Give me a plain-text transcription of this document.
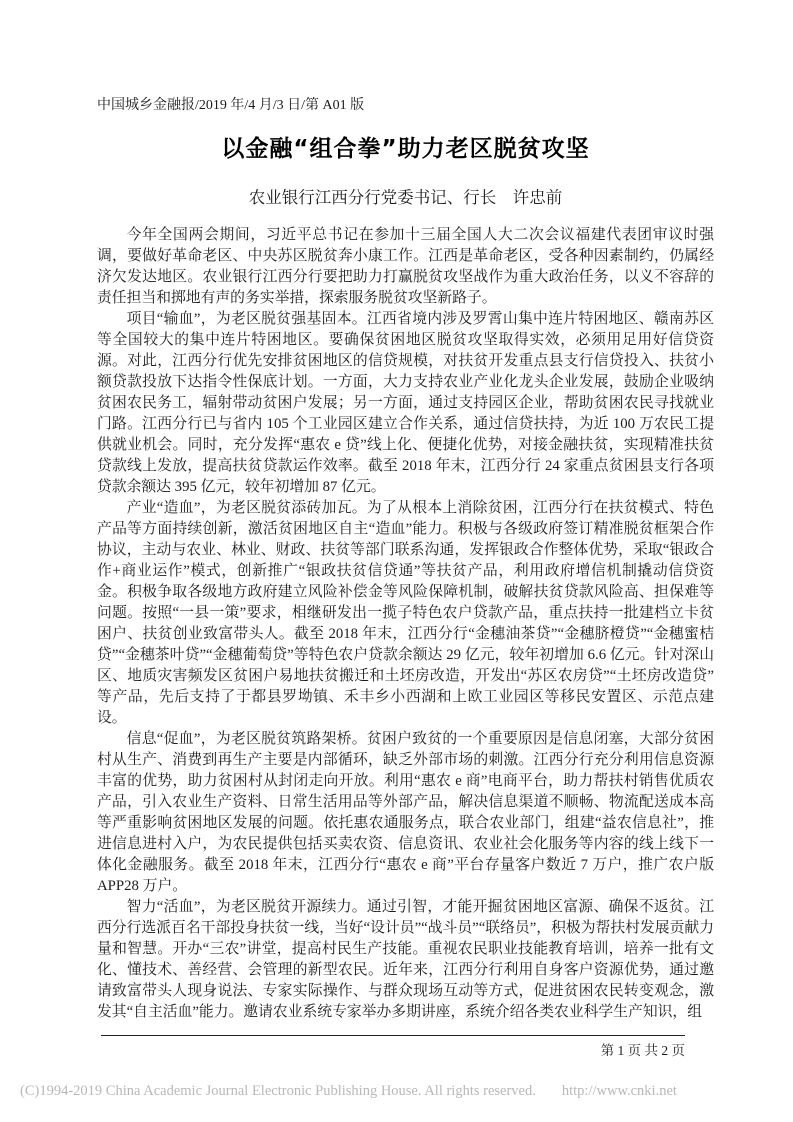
中国城乡金融报/2019 年/4 月/3 日/第 A01 版
以金融“组合拳”助力老区脱贫攻坚
农业银行江西分行党委书记、行长　许忠前

今年全国两会期间，习近平总书记在参加十三届全国人大二次会议福建代表团审议时强调，要做好革命老区、中央苏区脱贫奔小康工作。江西是革命老区，受各种因素制约，仍属经济欠发达地区。农业银行江西分行要把助力打赢脱贫攻坚战作为重大政治任务，以义不容辞的责任担当和掷地有声的务实举措，探索服务脱贫攻坚新路子。

项目“输血”，为老区脱贫强基固本。江西省境内涉及罗霄山集中连片特困地区、赣南苏区等全国较大的集中连片特困地区。要确保贫困地区脱贫攻坚取得实效，必须用足用好信贷资源。对此，江西分行优先安排贫困地区的信贷规模，对扶贫开发重点县支行信贷投入、扶贫小额贷款投放下达指令性保底计划。一方面，大力支持农业产业化龙头企业发展，鼓励企业吸纳贫困农民务工，辐射带动贫困户发展；另一方面，通过支持园区企业，帮助贫困农民寻找就业门路。江西分行已与省内 105 个工业园区建立合作关系，通过信贷扶持，为近 100 万农民工提供就业机会。同时，充分发挥“惠农 e 贷”线上化、便捷化优势，对接金融扶贫，实现精准扶贫贷款线上发放，提高扶贫贷款运作效率。截至 2018 年末，江西分行 24 家重点贫困县支行各项贷款余额达 395 亿元，较年初增加 87 亿元。

产业“造血”，为老区脱贫添砖加瓦。为了从根本上消除贫困，江西分行在扶贫模式、特色产品等方面持续创新，激活贫困地区自主“造血”能力。积极与各级政府签订精准脱贫框架合作协议，主动与农业、林业、财政、扶贫等部门联系沟通，发挥银政合作整体优势，采取“银政合作+商业运作”模式，创新推广“银政扶贫信贷通”等扶贫产品，利用政府增信机制撬动信贷资金。积极争取各级地方政府建立风险补偿金等风险保障机制，破解扶贫贷款风险高、担保难等问题。按照“一县一策”要求，相继研发出一揽子特色农户贷款产品，重点扶持一批建档立卡贫困户、扶贫创业致富带头人。截至 2018 年末，江西分行“金穗油茶贷”“金穗脐橙贷”“金穗蜜桔贷”“金穗茶叶贷”“金穗葡萄贷”等特色农户贷款余额达 29 亿元，较年初增加 6.6 亿元。针对深山区、地质灾害频发区贫困户易地扶贫搬迁和土坯房改造，开发出“苏区农房贷”“土坯房改造贷”等产品，先后支持了于都县罗坳镇、禾丰乡小西湖和上欧工业园区等移民安置区、示范点建设。

信息“促血”，为老区脱贫筑路架桥。贫困户致贫的一个重要原因是信息闭塞，大部分贫困村从生产、消费到再生产主要是内部循环，缺乏外部市场的刺激。江西分行充分利用信息资源丰富的优势，助力贫困村从封闭走向开放。利用“惠农 e 商”电商平台，助力帮扶村销售优质农产品，引入农业生产资料、日常生活用品等外部产品，解决信息渠道不顺畅、物流配送成本高等严重影响贫困地区发展的问题。依托惠农通服务点，联合农业部门，组建“益农信息社”，推进信息进村入户，为农民提供包括买卖农资、信息资讯、农业社会化服务等内容的线上线下一体化金融服务。截至 2018 年末，江西分行“惠农 e 商”平台存量客户数近 7 万户，推广农户版 APP28 万户。

智力“活血”，为老区脱贫开源续力。通过引智，才能开掘贫困地区富源、确保不返贫。江西分行选派百名干部投身扶贫一线，当好“设计员”“战斗员”“联络员”，积极为帮扶村发展贡献力量和智慧。开办“三农”讲堂，提高村民生产技能。重视农民职业技能教育培训，培养一批有文化、懂技术、善经营、会管理的新型农民。近年来，江西分行利用自身客户资源优势，通过邀请致富带头人现身说法、专家实际操作、与群众现场互动等方式，促进贫困农民转变观念，激发其“自主活血”能力。邀请农业系统专家举办多期讲座，系统介绍各类农业科学生产知识，组

第 1 页 共 2 页
(C)1994-2019 China Academic Journal Electronic Publishing House. All rights reserved. http://www.cnki.net
